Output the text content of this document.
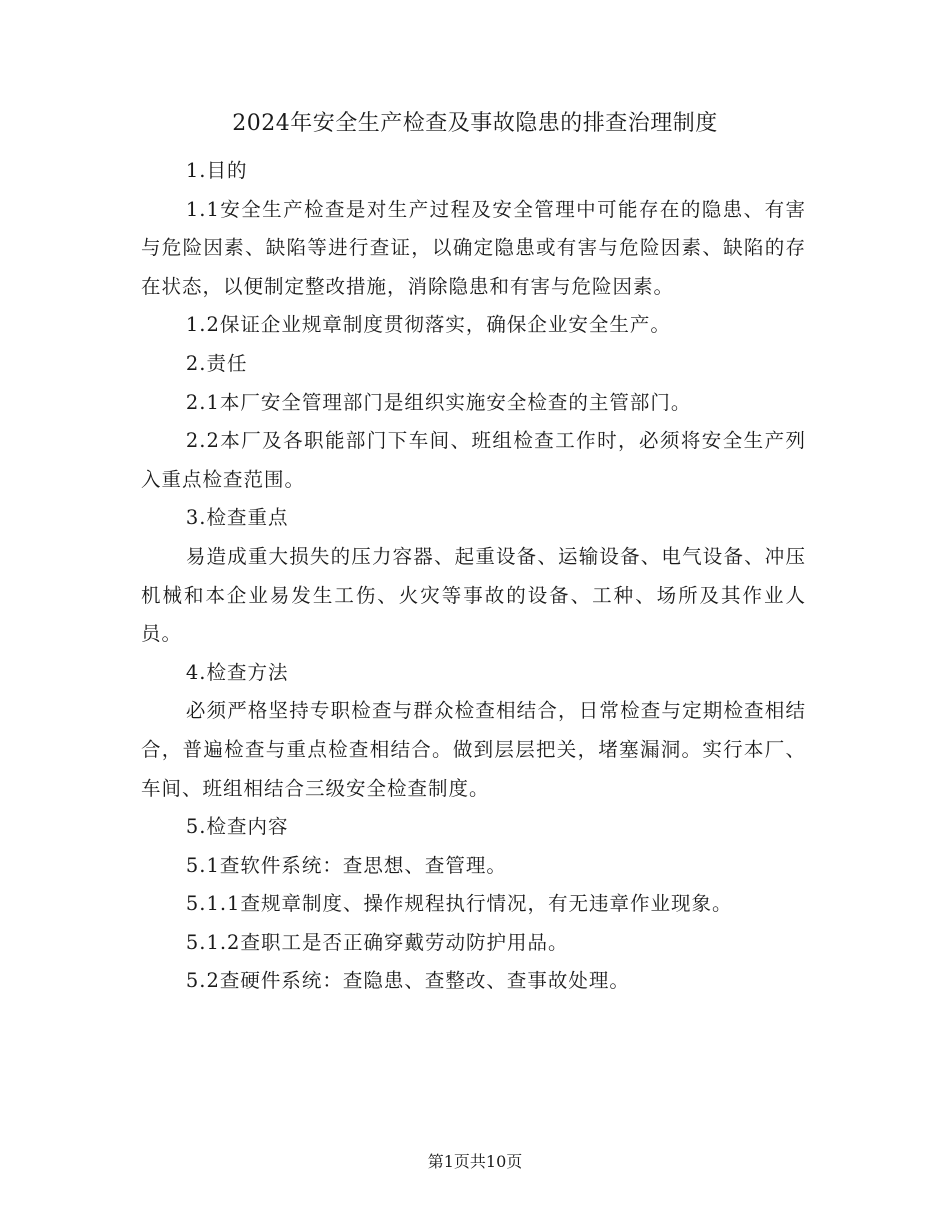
2024年安全生产检查及事故隐患的排查治理制度

1.目的

1.1安全生产检查是对生产过程及安全管理中可能存在的隐患、有害与危险因素、缺陷等进行查证，以确定隐患或有害与危险因素、缺陷的存在状态，以便制定整改措施，消除隐患和有害与危险因素。

1.2保证企业规章制度贯彻落实，确保企业安全生产。

2.责任

2.1本厂安全管理部门是组织实施安全检查的主管部门。

2.2本厂及各职能部门下车间、班组检查工作时，必须将安全生产列入重点检查范围。

3.检查重点

易造成重大损失的压力容器、起重设备、运输设备、电气设备、冲压机械和本企业易发生工伤、火灾等事故的设备、工种、场所及其作业人员。

4.检查方法

必须严格坚持专职检查与群众检查相结合，日常检查与定期检查相结合，普遍检查与重点检查相结合。做到层层把关，堵塞漏洞。实行本厂、车间、班组相结合三级安全检查制度。

5.检查内容

5.1查软件系统：查思想、查管理。

5.1.1查规章制度、操作规程执行情况，有无违章作业现象。

5.1.2查职工是否正确穿戴劳动防护用品。

5.2查硬件系统：查隐患、查整改、查事故处理。

第1页共10页
